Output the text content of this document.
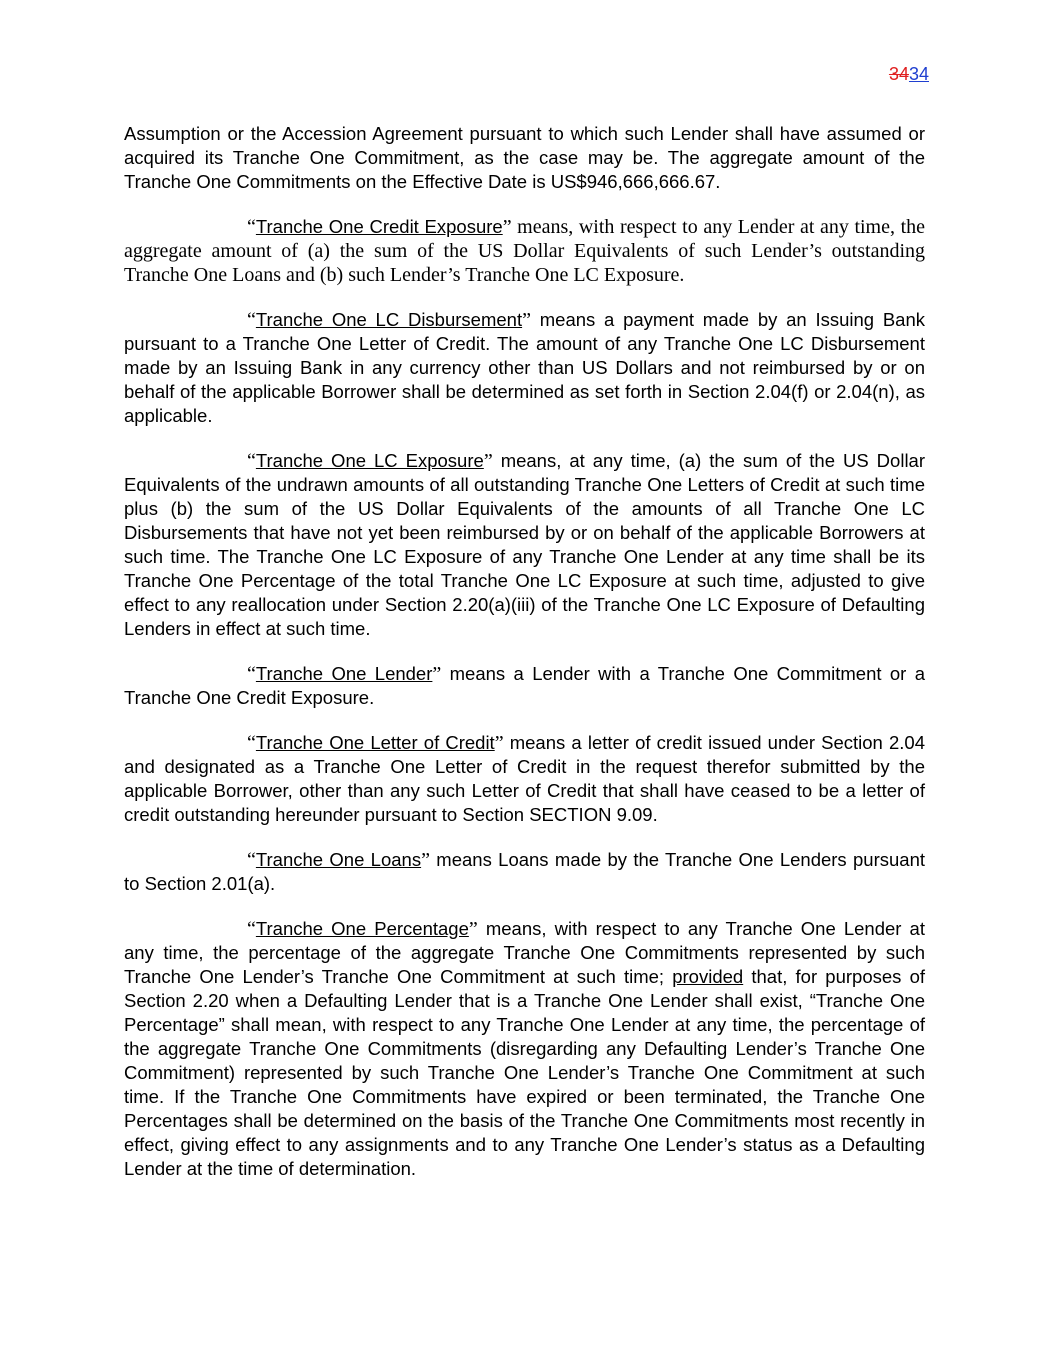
3434

Assumption or the Accession Agreement pursuant to which such Lender shall have assumed or acquired its Tranche One Commitment, as the case may be. The aggregate amount of the Tranche One Commitments on the Effective Date is US$946,666,666.67.

“Tranche One Credit Exposure” means, with respect to any Lender at any time, the aggregate amount of (a) the sum of the US Dollar Equivalents of such Lender’s outstanding Tranche One Loans and (b) such Lender’s Tranche One LC Exposure.

“Tranche One LC Disbursement” means a payment made by an Issuing Bank pursuant to a Tranche One Letter of Credit. The amount of any Tranche One LC Disbursement made by an Issuing Bank in any currency other than US Dollars and not reimbursed by or on behalf of the applicable Borrower shall be determined as set forth in Section 2.04(f) or 2.04(n), as applicable.

“Tranche One LC Exposure” means, at any time, (a) the sum of the US Dollar Equivalents of the undrawn amounts of all outstanding Tranche One Letters of Credit at such time plus (b) the sum of the US Dollar Equivalents of the amounts of all Tranche One LC Disbursements that have not yet been reimbursed by or on behalf of the applicable Borrowers at such time. The Tranche One LC Exposure of any Tranche One Lender at any time shall be its Tranche One Percentage of the total Tranche One LC Exposure at such time, adjusted to give effect to any reallocation under Section 2.20(a)(iii) of the Tranche One LC Exposure of Defaulting Lenders in effect at such time.

“Tranche One Lender” means a Lender with a Tranche One Commitment or a Tranche One Credit Exposure.

“Tranche One Letter of Credit” means a letter of credit issued under Section 2.04 and designated as a Tranche One Letter of Credit in the request therefor submitted by the applicable Borrower, other than any such Letter of Credit that shall have ceased to be a letter of credit outstanding hereunder pursuant to Section SECTION 9.09.

“Tranche One Loans” means Loans made by the Tranche One Lenders pursuant to Section 2.01(a).

“Tranche One Percentage” means, with respect to any Tranche One Lender at any time, the percentage of the aggregate Tranche One Commitments represented by such Tranche One Lender’s Tranche One Commitment at such time; provided that, for purposes of Section 2.20 when a Defaulting Lender that is a Tranche One Lender shall exist, “Tranche One Percentage” shall mean, with respect to any Tranche One Lender at any time, the percentage of the aggregate Tranche One Commitments (disregarding any Defaulting Lender’s Tranche One Commitment) represented by such Tranche One Lender’s Tranche One Commitment at such time. If the Tranche One Commitments have expired or been terminated, the Tranche One Percentages shall be determined on the basis of the Tranche One Commitments most recently in effect, giving effect to any assignments and to any Tranche One Lender’s status as a Defaulting Lender at the time of determination.
